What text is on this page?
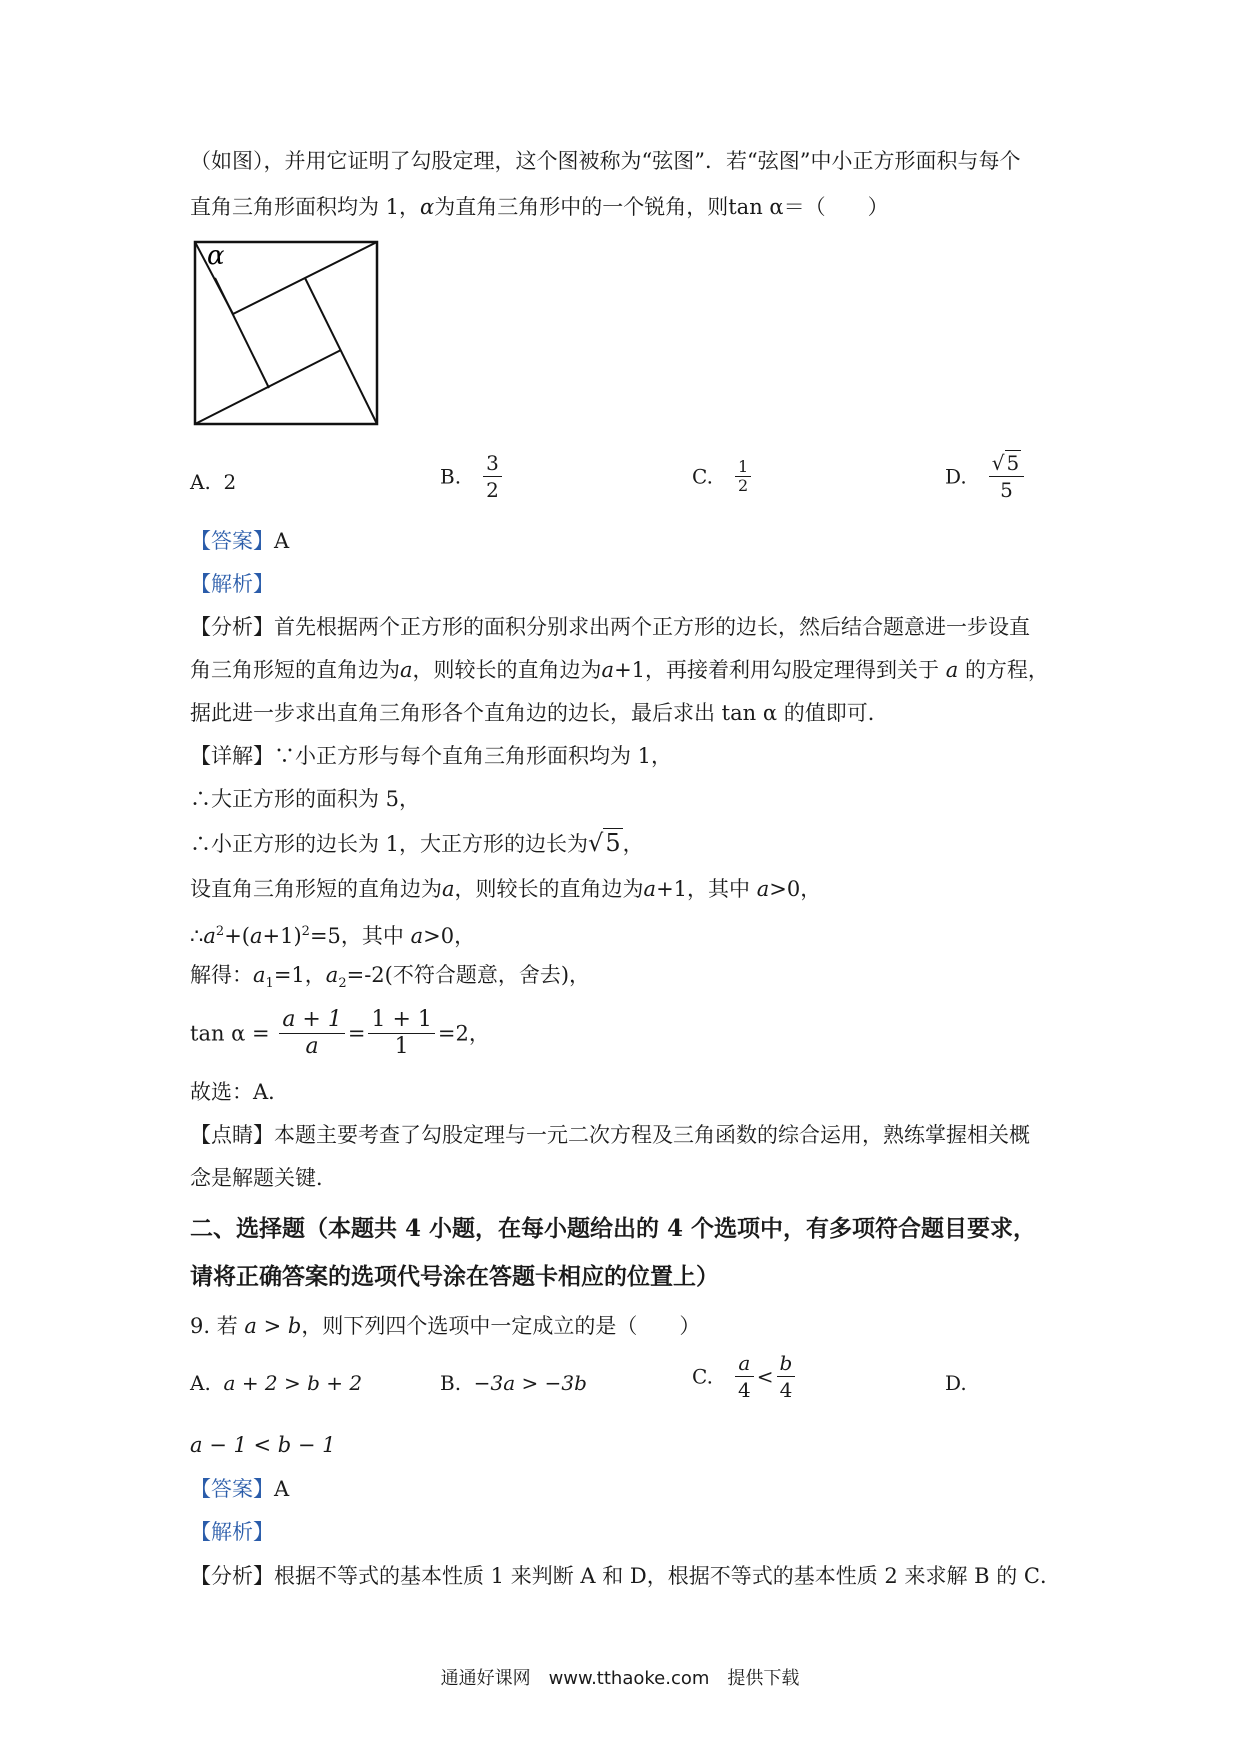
（如图），并用它证明了勾股定理，这个图被称为“弦图”．若“弦图”中小正方形面积与每个
直角三角形面积均为 1，α为直角三角形中的一个锐角，则tan α＝（　　）
α
A. 2	B. $\frac{3}{2}$	C. $\frac{1}{2}$	D. $\frac{√ 5}{5}$
【答案】A
【解析】
【分析】首先根据两个正方形的面积分别求出两个正方形的边长，然后结合题意进一步设直
角三角形短的直角边为a，则较长的直角边为a+1，再接着利用勾股定理得到关于 a 的方程，
据此进一步求出直角三角形各个直角边的边长，最后求出 tan α 的值即可．
【详解】∵小正方形与每个直角三角形面积均为 1，
∴大正方形的面积为 5，
∴小正方形的边长为 1，大正方形的边长为√5，
设直角三角形短的直角边为a，则较长的直角边为a+1，其中 a>0，
$\therefore a^2+(a+1)^2=5$，其中 a>0，
解得：$a_1=1$，$a_2=-2$(不符合题意，舍去)，
$\tan \alpha = \frac{a + 1}{a} = \frac{1 + 1}{1} =2$，
故选：A．
【点睛】本题主要考查了勾股定理与一元二次方程及三角函数的综合运用，熟练掌握相关概
念是解题关键．
二、选择题（本题共 4 小题，在每小题给出的 4 个选项中，有多项符合题目要求，
请将正确答案的选项代号涂在答题卡相应的位置上）
9. 若 a > b，则下列四个选项中一定成立的是（　　）
A. a + 2 > b + 2	B. −3a > −3b	C. $\frac{a}{4} < \frac{b}{4}$	D.
a − 1 < b − 1
【答案】A
【解析】
【分析】根据不等式的基本性质 1 来判断 A 和 D，根据不等式的基本性质 2 来求解 B 的 C．
通通好课网　www.tthaoke.com　提供下载
